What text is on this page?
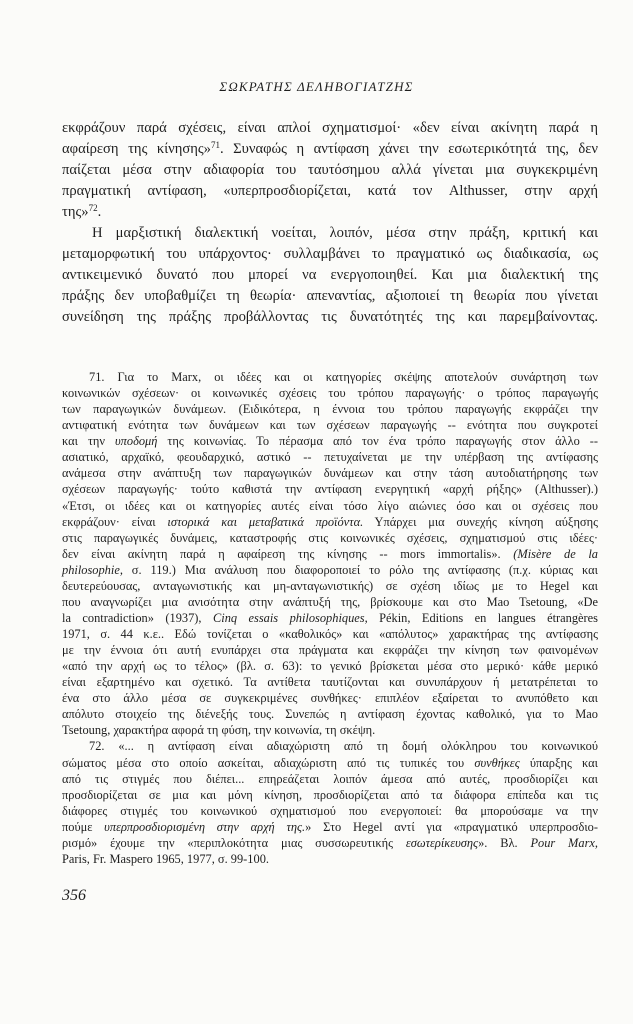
ΣΩΚΡΑΤΗΣ ΔΕΛΗΒΟΓΙΑΤΖΗΣ
εκφράζουν παρά σχέσεις, είναι απλοί σχηματισμοί· «δεν είναι ακίνητη παρά η
αφαίρεση της κίνησης»$^{71}$. Συναφώς η αντίφαση χάνει την εσωτερικότητά της, δεν
παίζεται μέσα στην αδιαφορία του ταυτόσημου αλλά γίνεται μια συγκεκριμένη
πραγματική αντίφαση, «υπερπροσδιορίζεται, κατά τον Althusser, στην αρχή
της»$^{72}$.
Η μαρξιστική διαλεκτική νοείται, λοιπόν, μέσα στην πράξη, κριτική και
μεταμορφωτική του υπάρχοντος· συλλαμβάνει το πραγματικό ως διαδικασία, ως
αντικειμενικό δυνατό που μπορεί να ενεργοποιηθεί. Και μια διαλεκτική της
πράξης δεν υποβαθμίζει τη θεωρία· απεναντίας, αξιοποιεί τη θεωρία που γίνεται
συνείδηση της πράξης προβάλλοντας τις δυνατότητές της και παρεμβαίνοντας.
71. Για το Marx, οι ιδέες και οι κατηγορίες σκέψης αποτελούν συνάρτηση των
κοινωνικών σχέσεων· οι κοινωνικές σχέσεις του τρόπου παραγωγής· ο τρόπος παραγωγής
των παραγωγικών δυνάμεων. (Ειδικότερα, η έννοια του τρόπου παραγωγής εκφράζει την
αντιφατική ενότητα των δυνάμεων και των σχέσεων παραγωγής -- ενότητα που συγκροτεί
και την υποδομή της κοινωνίας. Το πέρασμα από τον ένα τρόπο παραγωγής στον άλλο --
ασιατικό, αρχαϊκό, φεουδαρχικό, αστικό -- πετυχαίνεται με την υπέρβαση της αντίφασης
ανάμεσα στην ανάπτυξη των παραγωγικών δυνάμεων και στην τάση αυτοδιατήρησης των
σχέσεων παραγωγής· τούτο καθιστά την αντίφαση ενεργητική «αρχή ρήξης» (Althusser).)
«Έτσι, οι ιδέες και οι κατηγορίες αυτές είναι τόσο λίγο αιώνιες όσο και οι σχέσεις που
εκφράζουν· είναι ιστορικά και μεταβατικά προϊόντα. Υπάρχει μια συνεχής κίνηση αύξησης
στις παραγωγικές δυνάμεις, καταστροφής στις κοινωνικές σχέσεις, σχηματισμού στις ιδέες·
δεν είναι ακίνητη παρά η αφαίρεση της κίνησης -- mors immortalis». (Misère de la
philosophie, σ. 119.) Μια ανάλυση που διαφοροποιεί το ρόλο της αντίφασης (π.χ. κύριας και
δευτερεύουσας, ανταγωνιστικής και μη-ανταγωνιστικής) σε σχέση ιδίως με το Hegel και
που αναγνωρίζει μια ανισότητα στην ανάπτυξή της, βρίσκουμε και στο Mao Tsetoung, «De
la contradiction» (1937), Cinq essais philosophiques, Pékin, Editions en langues étrangères
1971, σ. 44 κ.ε.. Εδώ τονίζεται ο «καθολικός» και «απόλυτος» χαρακτήρας της αντίφασης
με την έννοια ότι αυτή ενυπάρχει στα πράγματα και εκφράζει την κίνηση των φαινομένων
«από την αρχή ως το τέλος» (βλ. σ. 63): το γενικό βρίσκεται μέσα στο μερικό· κάθε μερικό
είναι εξαρτημένο και σχετικό. Τα αντίθετα ταυτίζονται και συνυπάρχουν ή μετατρέπεται το
ένα στο άλλο μέσα σε συγκεκριμένες συνθήκες· επιπλέον εξαίρεται το ανυπόθετο και
απόλυτο στοιχείο της διένεξής τους. Συνεπώς η αντίφαση έχοντας καθολικό, για το Mao
Tsetoung, χαρακτήρα αφορά τη φύση, την κοινωνία, τη σκέψη.
72. «... η αντίφαση είναι αδιαχώριστη από τη δομή ολόκληρου του κοινωνικού
σώματος μέσα στο οποίο ασκείται, αδιαχώριστη από τις τυπικές του συνθήκες ύπαρξης και
από τις στιγμές που διέπει... επηρεάζεται λοιπόν άμεσα από αυτές, προσδιορίζει και
προσδιορίζεται σε μια και μόνη κίνηση, προσδιορίζεται από τα διάφορα επίπεδα και τις
διάφορες στιγμές του κοινωνικού σχηματισμού που ενεργοποιεί: θα μπορούσαμε να την
πούμε υπερπροσδιορισμένη στην αρχή της.» Στο Hegel αντί για «πραγματικό υπερπροσδιο-
ρισμό» έχουμε την «περιπλοκότητα μιας συσσωρευτικής εσωτερίκευσης». Βλ. Pour Marx,
Paris, Fr. Maspero 1965, 1977, σ. 99-100.
356
